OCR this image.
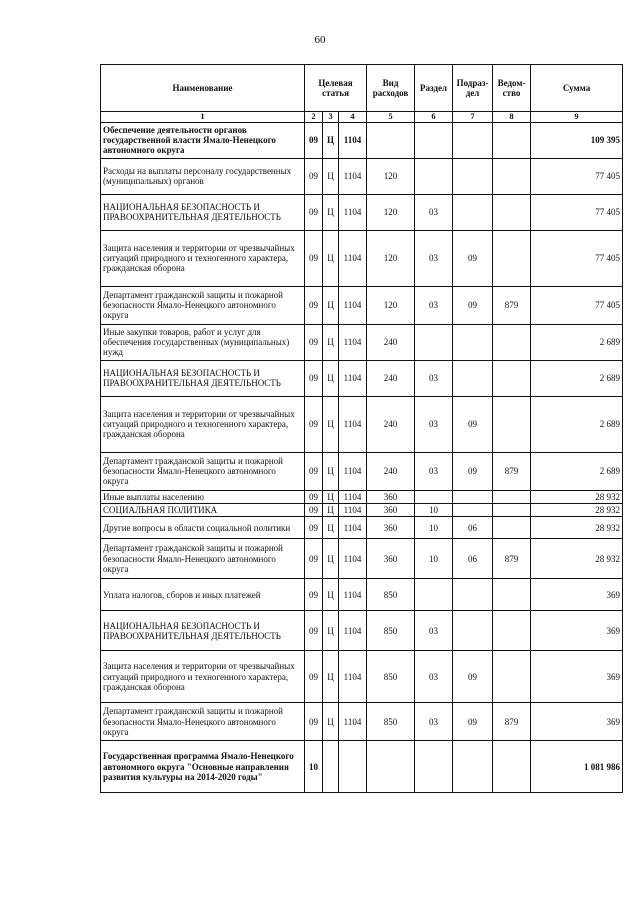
60
Наименование	Целевая статья			Вид расходов	Раздел	Подраз-дел	Ведом-ство	Сумма
1	2	3	4	5	6	7	8	9
Обеспечение деятельности органов государственной власти Ямало-Ненецкого автономного округа	09	Ц	1104					109 395
Расходы на выплаты персоналу государственных (муниципальных) органов	09	Ц	1104	120				77 405
НАЦИОНАЛЬНАЯ БЕЗОПАСНОСТЬ И ПРАВООХРАНИТЕЛЬНАЯ ДЕЯТЕЛЬНОСТЬ	09	Ц	1104	120	03			77 405
Защита населения и территории от чрезвычайных ситуаций природного и техногенного характера, гражданская оборона	09	Ц	1104	120	03	09		77 405
Департамент гражданской защиты и пожарной безопасности Ямало-Ненецкого автономного округа	09	Ц	1104	120	03	09	879	77 405
Иные закупки товаров, работ и услуг для обеспечения государственных (муниципальных) нужд	09	Ц	1104	240				2 689
НАЦИОНАЛЬНАЯ БЕЗОПАСНОСТЬ И ПРАВООХРАНИТЕЛЬНАЯ ДЕЯТЕЛЬНОСТЬ	09	Ц	1104	240	03			2 689
Защита населения и территории от чрезвычайных ситуаций природного и техногенного характера, гражданская оборона	09	Ц	1104	240	03	09		2 689
Департамент гражданской защиты и пожарной безопасности Ямало-Ненецкого автономного округа	09	Ц	1104	240	03	09	879	2 689
Иные выплаты населению	09	Ц	1104	360				28 932
СОЦИАЛЬНАЯ ПОЛИТИКА	09	Ц	1104	360	10			28 932
Другие вопросы в области социальной политики	09	Ц	1104	360	10	06		28 932
Департамент гражданской защиты и пожарной безопасности Ямало-Ненецкого автономного округа	09	Ц	1104	360	10	06	879	28 932
Уплата налогов, сборов и иных платежей	09	Ц	1104	850				369
НАЦИОНАЛЬНАЯ БЕЗОПАСНОСТЬ И ПРАВООХРАНИТЕЛЬНАЯ ДЕЯТЕЛЬНОСТЬ	09	Ц	1104	850	03			369
Защита населения и территории от чрезвычайных ситуаций природного и техногенного характера, гражданская оборона	09	Ц	1104	850	03	09		369
Департамент гражданской защиты и пожарной безопасности Ямало-Ненецкого автономного округа	09	Ц	1104	850	03	09	879	369
Государственная программа Ямало-Ненецкого автономного округа "Основные направления развития культуры на 2014-2020 годы"	10							1 081 986
